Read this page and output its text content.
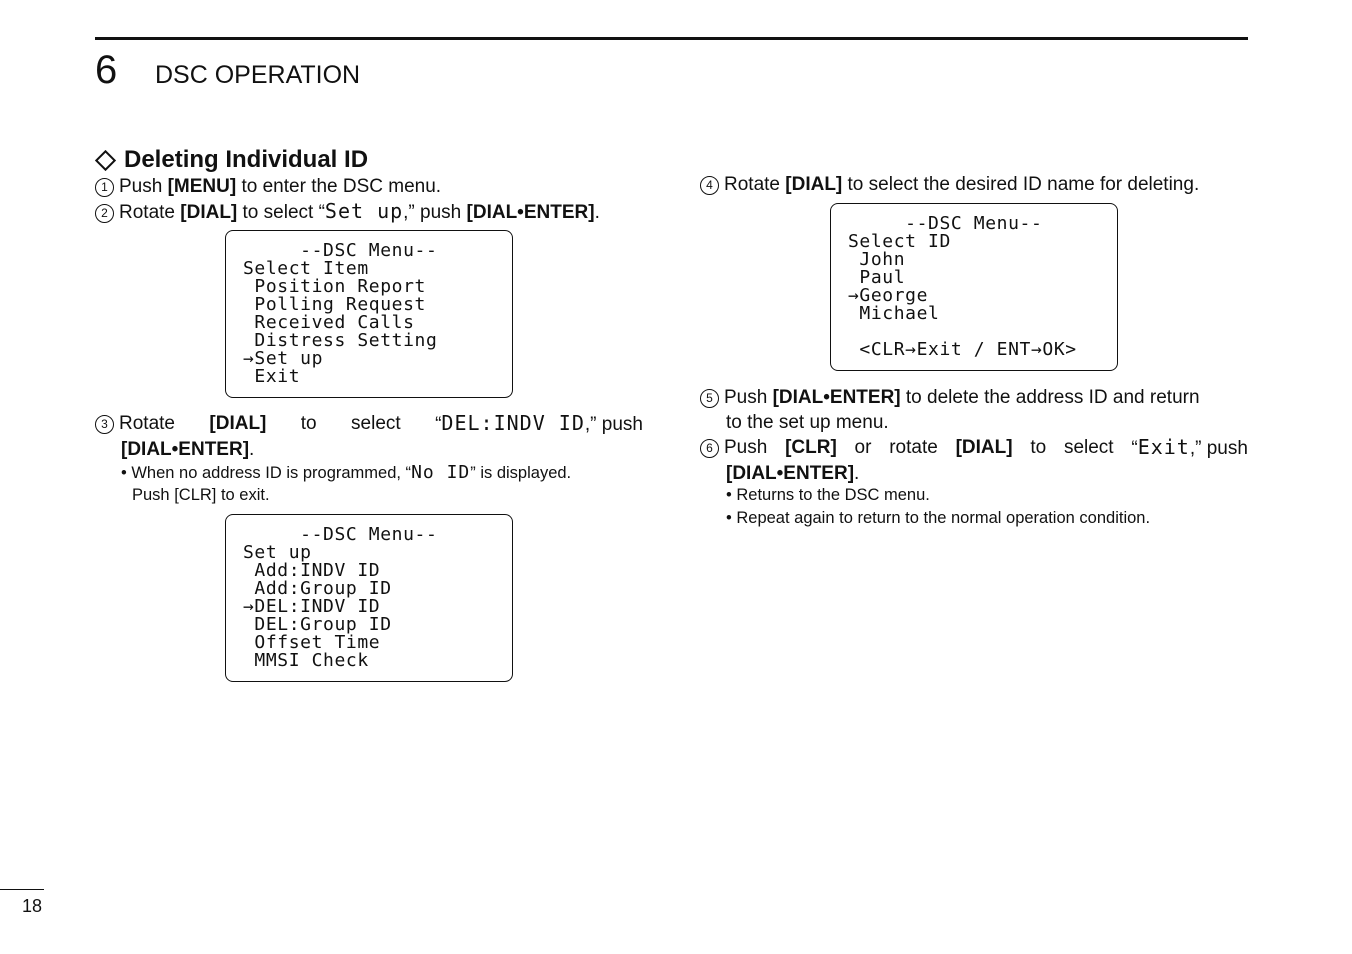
6 DSC OPERATION
Deleting Individual ID
1 Push [MENU] to enter the DSC menu.
2 Rotate [DIAL] to select “Set up,” push [DIAL•ENTER].
--DSC Menu--
Select Item
Position Report
Polling Request
Received Calls
Distress Setting
→Set up
Exit
3 Rotate [DIAL] to select “DEL:INDV ID,” push
[DIAL•ENTER].
• When no address ID is programmed, “No ID” is displayed.
Push [CLR] to exit.
--DSC Menu--
Set up
Add:INDV ID
Add:Group ID
→DEL:INDV ID
DEL:Group ID
Offset Time
MMSI Check
4 Rotate [DIAL] to select the desired ID name for deleting.
--DSC Menu--
Select ID
John
Paul
→George
Michael
<CLR→Exit / ENT→OK>
5 Push [DIAL•ENTER] to delete the address ID and return
to the set up menu.
6 Push [CLR] or rotate [DIAL] to select “Exit,” push
[DIAL•ENTER].
• Returns to the DSC menu.
• Repeat again to return to the normal operation condition.
18
